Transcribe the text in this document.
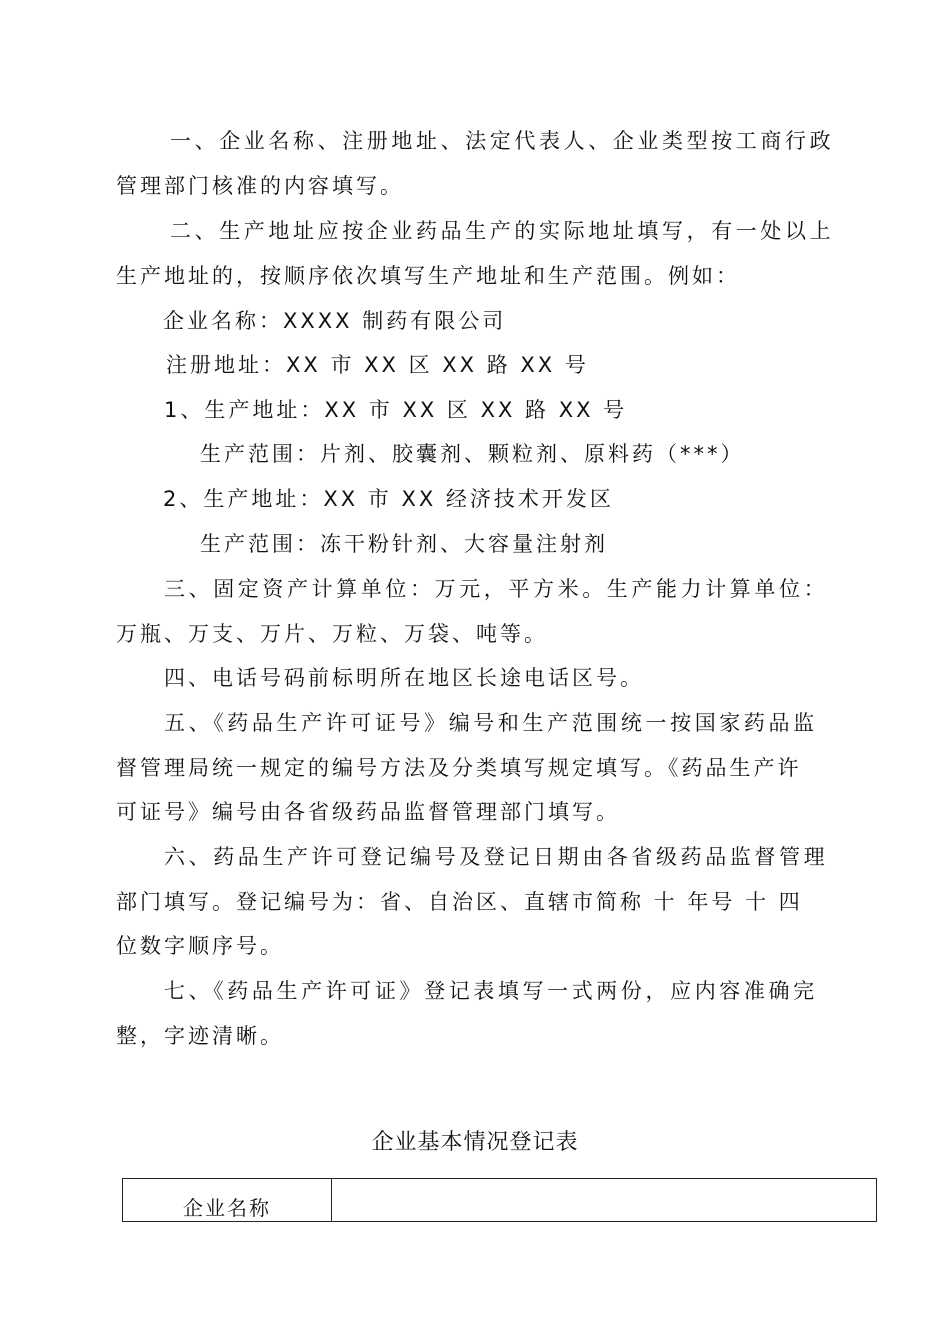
一、企业名称、注册地址、法定代表人、企业类型按工商行政
管理部门核准的内容填写。
二、生产地址应按企业药品生产的实际地址填写，有一处以上
生产地址的，按顺序依次填写生产地址和生产范围。例如：
企业名称：XXXX 制药有限公司
注册地址：XX 市 XX 区 XX 路 XX 号
1、生产地址：XX 市 XX 区 XX 路 XX 号
生产范围：片剂、胶囊剂、颗粒剂、原料药（***）
2、生产地址：XX 市 XX 经济技术开发区
生产范围：冻干粉针剂、大容量注射剂
三、固定资产计算单位：万元，平方米。生产能力计算单位：
万瓶、万支、万片、万粒、万袋、吨等。
四、电话号码前标明所在地区长途电话区号。
五、《药品生产许可证号》编号和生产范围统一按国家药品监
督管理局统一规定的编号方法及分类填写规定填写。《药品生产许
可证号》编号由各省级药品监督管理部门填写。
六、药品生产许可登记编号及登记日期由各省级药品监督管理
部门填写。登记编号为：省、自治区、直辖市简称 十 年号 十 四
位数字顺序号。
七、《药品生产许可证》登记表填写一式两份，应内容准确完
整，字迹清晰。
企业基本情况登记表
企业名称	
